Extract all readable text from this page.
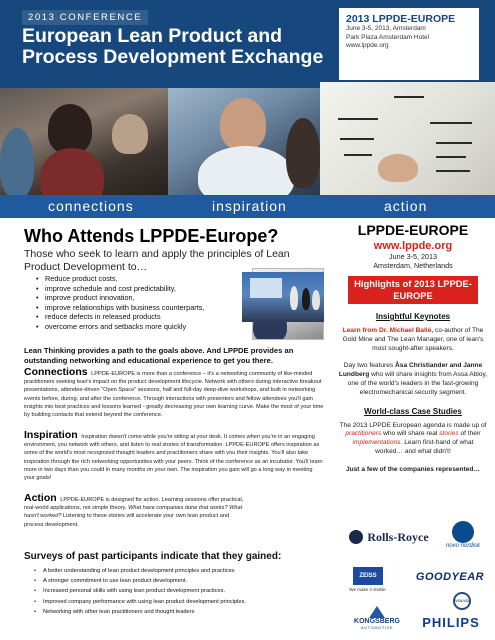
2013 CONFERENCE
European Lean Product and Process Development Exchange
2013 LPPDE-EUROPE
June 3-5, 2013, Amsterdam
Park Plaza Amsterdam Hotel
www.lppde.org
connections	inspiration	action
Who Attends LPPDE-Europe?
Those who seek to learn and apply the principles of Lean Product Development to…
• Reduce product costs,
• improve schedule and cost predictability,
• improve product innovation,
• improve relationships with business counterparts,
• reduce defects in released products
• overcome errors and setbacks more quickly
Lean Thinking provides a path to the goals above. And LPPDE provides an outstanding networking and educational experience to get you there.
Connections LPPDE-EUROPE is more than a conference – it's a networking community of like-minded practitioners seeking lean's impact on the product development lifecycle. Network with others during interactive breakout presentations, attendee-driven "Open Space" sessions, half and full-day deep-dive workshops, and built in networking events before, during, and after the conference. Through interactions with presenters and fellow attendees you'll gain insights into best practices and lessons learned - greatly decreasing your own learning curve. Make the most of your time by building contacts that extend beyond the conference.
Inspiration Inspiration doesn't come while you're sitting at your desk. It comes when you're in an engaging environment, you network with others, and listen to real stories of transformation. LPPDE-EUROPE offers inspiration as some of the world's most recognized thought leaders and practitioners share with you their insights. You'll also take inspiration through the rich networking opportunities with your peers. Think of the conference as an incubator. You'll learn more in two days than you could in many months on your own. The inspiration you gain will go a long way in meeting your goals!
Action LPPDE-EUROPE is designed for action. Learning sessions offer practical, real-world applications, not simple theory. What have companies done that works? What hasn't worked? Listening to these stories will accelerate your own lean product and process development.
Surveys of past participants indicate that they gained:
• A better understanding of lean product development principles and practices
• A stronger commitment to use lean product development.
• Increased personal skills with using lean product development practices.
• Improved company performance with using lean product development principles.
• Networking with other lean practitioners and thought leaders
LPPDE-EUROPE
www.lppde.org
June 3-5, 2013
Amsterdam, Netherlands
Highlights of 2013 LPPDE-EUROPE
Insightful Keynotes
Learn from Dr. Michael Ballé, co-author of The Gold Mine and The Lean Manager, one of lean's most sought-after speakers.
Day two features Åsa Christiander and Janne Lundberg who will share insights from Assa Abloy, one of the world's leaders in the fast-growing electromechanical security segment.
World-class Case Studies
The 2013 LPPDE European agenda is made up of practitioners who will share real stories of their implementations. Learn first-hand of what worked… and what didn't!
Just a few of the companies represented…
Rolls-Royce
novo nordisk
ZEISS
We make it visible.
GOODYEAR
VOLVO
KONGSBERG
AUTOMOTIVE PHILIPS
